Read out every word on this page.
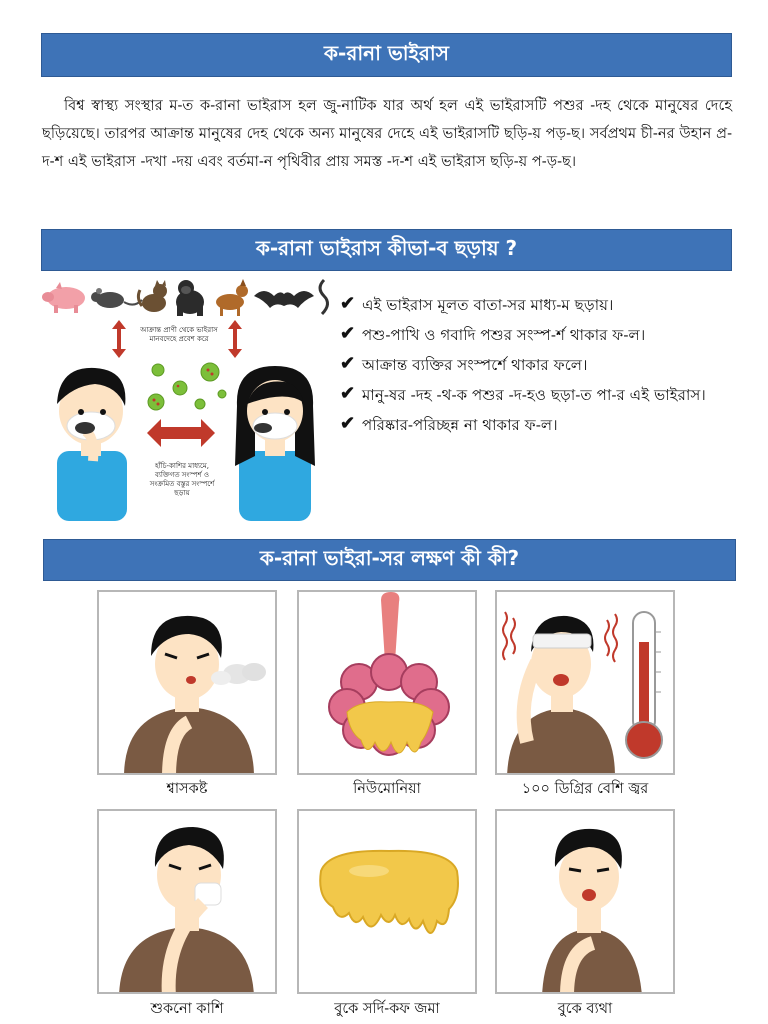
ক-রানা ভাইরাস

বিশ্ব স্বাস্থ্য সংস্থার ম-ত ক-রানা ভাইরাস হল জু-নাটিক যার অর্থ হল এই ভাইরাসটি পশুর -দহ থেকে মানুষের দেহে ছড়িয়েছে। তারপর আক্রান্ত মানুষের দেহ থেকে অন্য মানুষের দেহে এই ভাইরাসটি ছড়ি-য় পড়-ছ। সর্বপ্রথম চী-নর উহান প্র-দ-শ এই ভাইরাস -দখা -দয় এবং বর্তমা-ন পৃথিবীর প্রায় সমস্ত -দ-শ এই ভাইরাস ছড়ি-য় প-ড়-ছ।

ক-রানা ভাইরাস কীভা-ব ছড়ায় ?
আক্রান্ত প্রাণী থেকে ভাইরাস মানবদেহে প্রবেশ করে
হাঁচি-কাশির মাধ্যমে, ব্যক্তিগত সংস্পর্শ ও সংক্রমিত বস্তুর সংস্পর্শে ছড়ায়
✔ এই ভাইরাস মূলত বাতা-সর মাধ্য-ম ছড়ায়।
✔ পশু-পাখি ও গবাদি পশুর সংস্প-র্শ থাকার ফ-ল।
✔ আক্রান্ত ব্যক্তির সংস্পর্শে থাকার ফলে।
✔ মানু-ষর -দহ -থ-ক পশুর -দ-হও ছড়া-ত পা-র এই ভাইরাস।
✔ পরিষ্কার-পরিচ্ছন্ন না থাকার ফ-ল।
ক-রানা ভাইরা-সর লক্ষণ কী কী?
শ্বাসকষ্ট	নিউমোনিয়া	১০০ ডিগ্রির বেশি জ্বর
শুকনো কাশি	বুকে সর্দি-কফ জমা	বুকে ব্যথা
